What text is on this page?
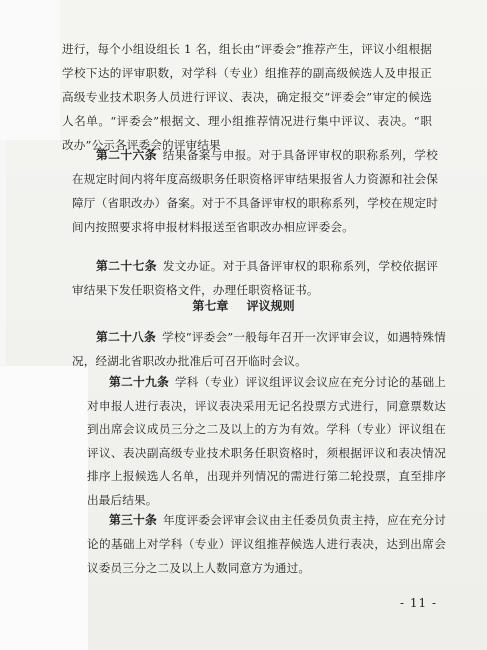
进行，每个小组设组长 1 名，组长由“评委会”推荐产生，评议小组根据学校下达的评审职数，对学科（专业）组推荐的副高级候选人及申报正高级专业技术职务人员进行评议、表决，确定报交“评委会”审定的候选人名单。“评委会”根据文、理小组推荐情况进行集中评议、表决。“职改办”公示各评委会的评审结果
第二十六条 结果备案与申报。对于具备评审权的职称系列，学校在规定时间内将年度高级职务任职资格评审结果报省人力资源和社会保障厅（省职改办）备案。对于不具备评审权的职称系列，学校在规定时间内按照要求将申报材料报送至省职改办相应评委会。
第二十七条 发文办证。对于具备评审权的职称系列，学校依据评审结果下发任职资格文件，办理任职资格证书。
第七章 评议规则
第二十八条 学校“评委会”一般每年召开一次评审会议，如遇特殊情况，经湖北省职改办批准后可召开临时会议。
第二十九条 学科（专业）评议组评议会议应在充分讨论的基础上对申报人进行表决，评议表决采用无记名投票方式进行，同意票数达到出席会议成员三分之二及以上的方为有效。学科（专业）评议组在评议、表决副高级专业技术职务任职资格时，须根据评议和表决情况排序上报候选人名单，出现并列情况的需进行第二轮投票，直至排序出最后结果。
第三十条 年度评委会评审会议由主任委员负责主持，应在充分讨论的基础上对学科（专业）评议组推荐候选人进行表决，达到出席会议委员三分之二及以上人数同意方为通过。
- 11 -
